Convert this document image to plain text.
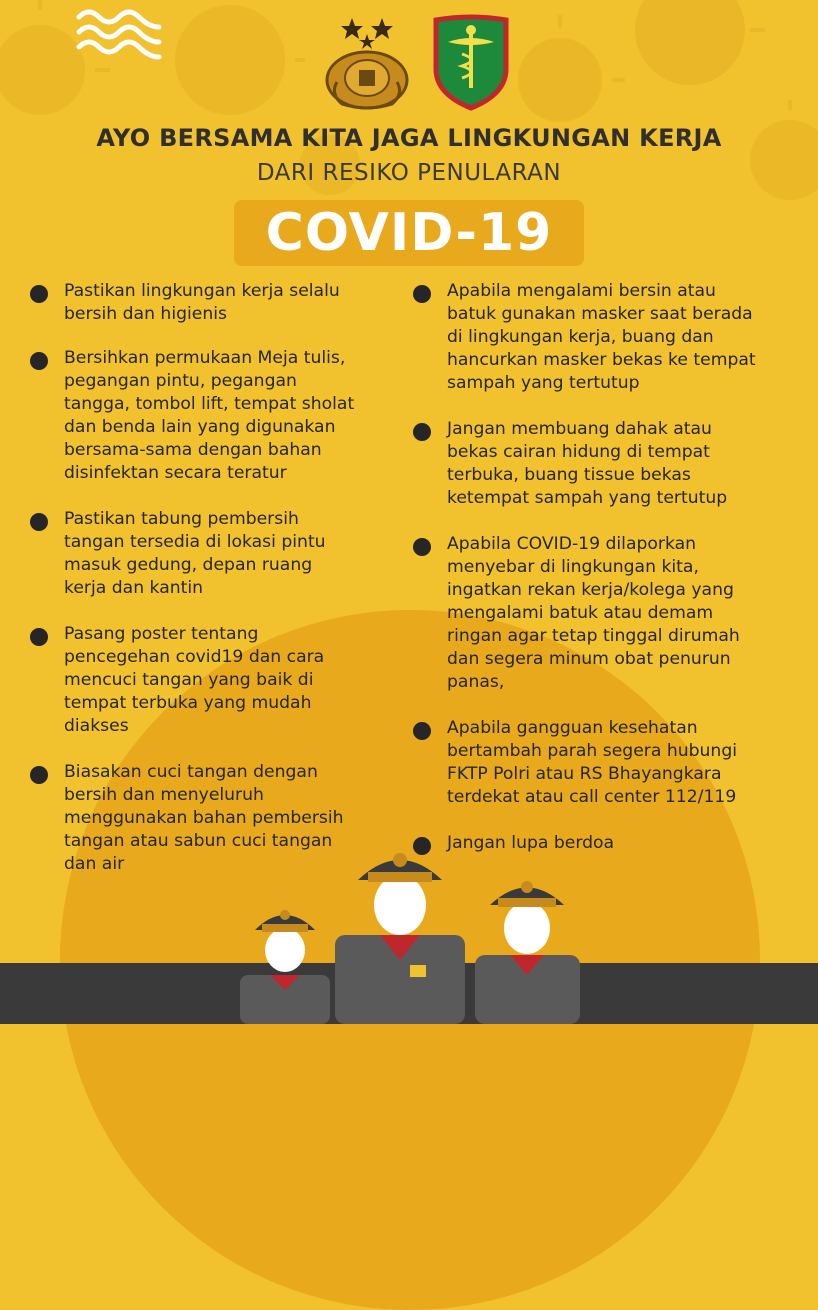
AYO BERSAMA KITA JAGA LINGKUNGAN KERJA
DARI RESIKO PENULARAN
COVID-19
Pastikan lingkungan kerja selalu
bersih dan higienis
Bersihkan permukaan Meja tulis,
pegangan pintu, pegangan
tangga, tombol lift, tempat sholat
dan benda lain yang digunakan
bersama-sama dengan bahan
disinfektan secara teratur
Pastikan tabung pembersih
tangan tersedia di lokasi pintu
masuk gedung, depan ruang
kerja dan kantin
Pasang poster tentang
pencegehan covid19 dan cara
mencuci tangan yang baik di
tempat terbuka yang mudah
diakses
Biasakan cuci tangan dengan
bersih dan menyeluruh
menggunakan bahan pembersih
tangan atau sabun cuci tangan
dan air
Apabila mengalami bersin atau
batuk gunakan masker saat berada
di lingkungan kerja, buang dan
hancurkan masker bekas ke tempat
sampah yang tertutup
Jangan membuang dahak atau
bekas cairan hidung di tempat
terbuka, buang tissue bekas
ketempat sampah yang tertutup
Apabila COVID-19 dilaporkan
menyebar di lingkungan kita,
ingatkan rekan kerja/kolega yang
mengalami batuk atau demam
ringan agar tetap tinggal dirumah
dan segera minum obat penurun
panas,
Apabila gangguan kesehatan
bertambah parah segera hubungi
FKTP Polri atau RS Bhayangkara
terdekat atau call center 112/119
Jangan lupa berdoa
